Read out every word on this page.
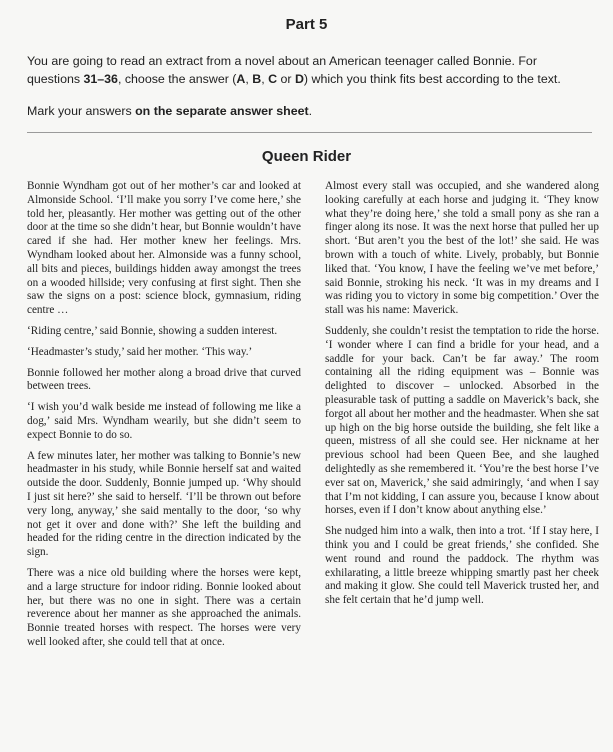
Part 5

You are going to read an extract from a novel about an American teenager called Bonnie. For questions 31–36, choose the answer (A, B, C or D) which you think fits best according to the text.

Mark your answers on the separate answer sheet.

Queen Rider

Bonnie Wyndham got out of her mother’s car and looked at Almonside School. ‘I’ll make you sorry I’ve come here,’ she told her, pleasantly. Her mother was getting out of the other door at the time so she didn’t hear, but Bonnie wouldn’t have cared if she had. Her mother knew her feelings. Mrs. Wyndham looked about her. Almonside was a funny school, all bits and pieces, buildings hidden away amongst the trees on a wooded hillside; very confusing at first sight. Then she saw the signs on a post: science block, gymnasium, riding centre …

‘Riding centre,’ said Bonnie, showing a sudden interest.

‘Headmaster’s study,’ said her mother. ‘This way.’

Bonnie followed her mother along a broad drive that curved between trees.

‘I wish you’d walk beside me instead of following me like a dog,’ said Mrs. Wyndham wearily, but she didn’t seem to expect Bonnie to do so.

A few minutes later, her mother was talking to Bonnie’s new headmaster in his study, while Bonnie herself sat and waited outside the door. Suddenly, Bonnie jumped up. ‘Why should I just sit here?’ she said to herself. ‘I’ll be thrown out before very long, anyway,’ she said mentally to the door, ‘so why not get it over and done with?’ She left the building and headed for the riding centre in the direction indicated by the sign.

There was a nice old building where the horses were kept, and a large structure for indoor riding. Bonnie looked about her, but there was no one in sight. There was a certain reverence about her manner as she approached the animals. Bonnie treated horses with respect. The horses were very well looked after, she could tell that at once.

Almost every stall was occupied, and she wandered along looking carefully at each horse and judging it. ‘They know what they’re doing here,’ she told a small pony as she ran a finger along its nose. It was the next horse that pulled her up short. ‘But aren’t you the best of the lot!’ she said. He was brown with a touch of white. Lively, probably, but Bonnie liked that. ‘You know, I have the feeling we’ve met before,’ said Bonnie, stroking his neck. ‘It was in my dreams and I was riding you to victory in some big competition.’ Over the stall was his name: Maverick.

Suddenly, she couldn’t resist the temptation to ride the horse. ‘I wonder where I can find a bridle for your head, and a saddle for your back. Can’t be far away.’ The room containing all the riding equipment was – Bonnie was delighted to discover – unlocked. Absorbed in the pleasurable task of putting a saddle on Maverick’s back, she forgot all about her mother and the headmaster. When she sat up high on the big horse outside the building, she felt like a queen, mistress of all she could see. Her nickname at her previous school had been Queen Bee, and she laughed delightedly as she remembered it. ‘You’re the best horse I’ve ever sat on, Maverick,’ she said admiringly, ‘and when I say that I’m not kidding, I can assure you, because I know about horses, even if I don’t know about anything else.’

She nudged him into a walk, then into a trot. ‘If I stay here, I think you and I could be great friends,’ she confided. She went round and round the paddock. The rhythm was exhilarating, a little breeze whipping smartly past her cheek and making it glow. She could tell Maverick trusted her, and she felt certain that he’d jump well.
